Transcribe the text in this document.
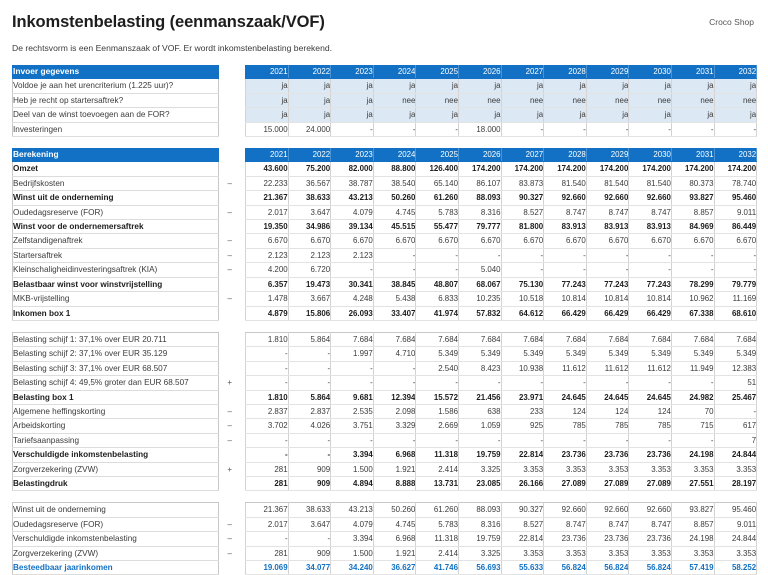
Inkomstenbelasting (eenmanszaak/VOF)	Croco Shop
De rechtsvorm is een Eenmanszaak of VOF. Er wordt inkomstenbelasting berekend.
Invoer gegevens			2021	2022	2023	2024	2025	2026	2027	2028	2029	2030	2031	2032
Voldoe je aan het urencriterium (1.225 uur)?			ja	ja	ja	ja	ja	ja	ja	ja	ja	ja	ja	ja
Heb je recht op startersaftrek?			ja	ja	ja	nee	nee	nee	nee	nee	nee	nee	nee	nee
Deel van de winst toevoegen aan de FOR?			ja	ja	ja	ja	ja	ja	ja	ja	ja	ja	ja	ja
Investeringen			15.000	24.000	-	-	-	18.000	-	-	-	-	-	-

Berekening			2021	2022	2023	2024	2025	2026	2027	2028	2029	2030	2031	2032
Omzet			43.600	75.200	82.000	88.800	126.400	174.200	174.200	174.200	174.200	174.200	174.200	174.200
Bedrijfskosten	–		22.233	36.567	38.787	38.540	65.140	86.107	83.873	81.540	81.540	81.540	80.373	78.740
Winst uit de onderneming			21.367	38.633	43.213	50.260	61.260	88.093	90.327	92.660	92.660	92.660	93.827	95.460
Oudedagsreserve (FOR)	–		2.017	3.647	4.079	4.745	5.783	8.316	8.527	8.747	8.747	8.747	8.857	9.011
Winst voor de ondernemersaftrek			19.350	34.986	39.134	45.515	55.477	79.777	81.800	83.913	83.913	83.913	84.969	86.449
Zelfstandigenaftrek	–		6.670	6.670	6.670	6.670	6.670	6.670	6.670	6.670	6.670	6.670	6.670	6.670
Startersaftrek	–		2.123	2.123	2.123	-	-	-	-	-	-	-	-	-
Kleinschaligheidinvesteringsaftrek (KIA)	–		4.200	6.720	-	-	-	5.040	-	-	-	-	-	-
Belastbaar winst voor winstvrijstelling			6.357	19.473	30.341	38.845	48.807	68.067	75.130	77.243	77.243	77.243	78.299	79.779
MKB-vrijstelling	–		1.478	3.667	4.248	5.438	6.833	10.235	10.518	10.814	10.814	10.814	10.962	11.169
Inkomen box 1			4.879	15.806	26.093	33.407	41.974	57.832	64.612	66.429	66.429	66.429	67.338	68.610

Belasting schijf 1: 37,1% over EUR 20.711			1.810	5.864	7.684	7.684	7.684	7.684	7.684	7.684	7.684	7.684	7.684	7.684
Belasting schijf 2: 37,1% over EUR 35.129			-	-	1.997	4.710	5.349	5.349	5.349	5.349	5.349	5.349	5.349	5.349
Belasting schijf 3: 37,1% over EUR 68.507			-	-	-	-	2.540	8.423	10.938	11.612	11.612	11.612	11.949	12.383
Belasting schijf 4: 49,5% groter dan EUR 68.507	+		-	-	-	-	-	-	-	-	-	-	-	51
Belasting box 1			1.810	5.864	9.681	12.394	15.572	21.456	23.971	24.645	24.645	24.645	24.982	25.467
Algemene heffingskorting	–		2.837	2.837	2.535	2.098	1.586	638	233	124	124	124	70	-
Arbeidskorting	–		3.702	4.026	3.751	3.329	2.669	1.059	925	785	785	785	715	617
Tariefsaanpassing	–		-	-	-	-	-	-	-	-	-	-	-	7
Verschuldigde inkomstenbelasting			-	-	3.394	6.968	11.318	19.759	22.814	23.736	23.736	23.736	24.198	24.844
Zorgverzekering (ZVW)	+		281	909	1.500	1.921	2.414	3.325	3.353	3.353	3.353	3.353	3.353	3.353
Belastingdruk			281	909	4.894	8.888	13.731	23.085	26.166	27.089	27.089	27.089	27.551	28.197

Winst uit de onderneming			21.367	38.633	43.213	50.260	61.260	88.093	90.327	92.660	92.660	92.660	93.827	95.460
Oudedagsreserve (FOR)	–		2.017	3.647	4.079	4.745	5.783	8.316	8.527	8.747	8.747	8.747	8.857	9.011
Verschuldigde inkomstenbelasting	–		-	-	3.394	6.968	11.318	19.759	22.814	23.736	23.736	23.736	24.198	24.844
Zorgverzekering (ZVW)	–		281	909	1.500	1.921	2.414	3.325	3.353	3.353	3.353	3.353	3.353	3.353
Besteedbaar jaarinkomen			19.069	34.077	34.240	36.627	41.746	56.693	55.633	56.824	56.824	56.824	57.419	58.252
